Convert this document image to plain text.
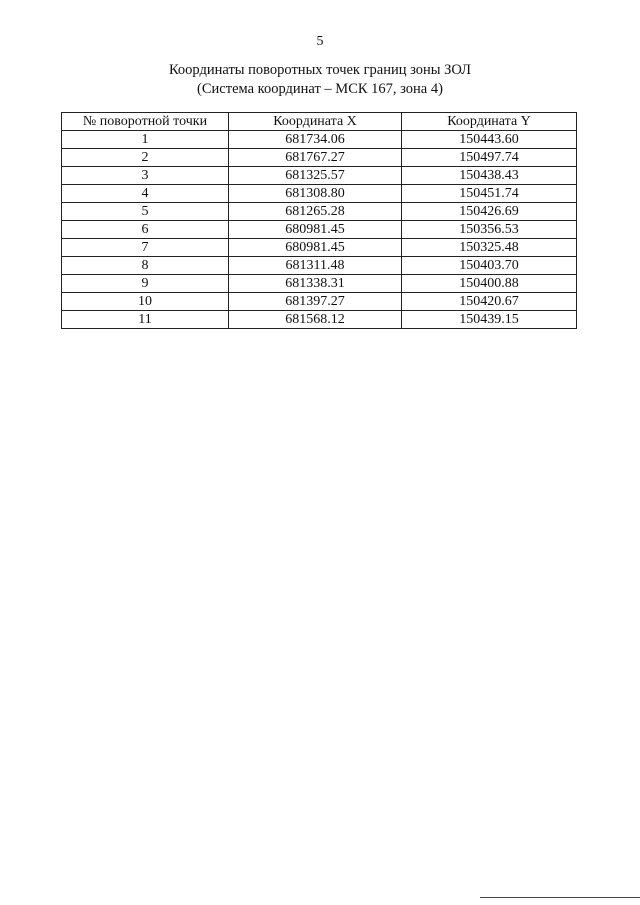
5
Координаты поворотных точек границ зоны ЗОЛ
(Система координат – МСК 167, зона 4)
№ поворотной точки	Координата X	Координата Y
1	681734.06	150443.60
2	681767.27	150497.74
3	681325.57	150438.43
4	681308.80	150451.74
5	681265.28	150426.69
6	680981.45	150356.53
7	680981.45	150325.48
8	681311.48	150403.70
9	681338.31	150400.88
10	681397.27	150420.67
11	681568.12	150439.15
